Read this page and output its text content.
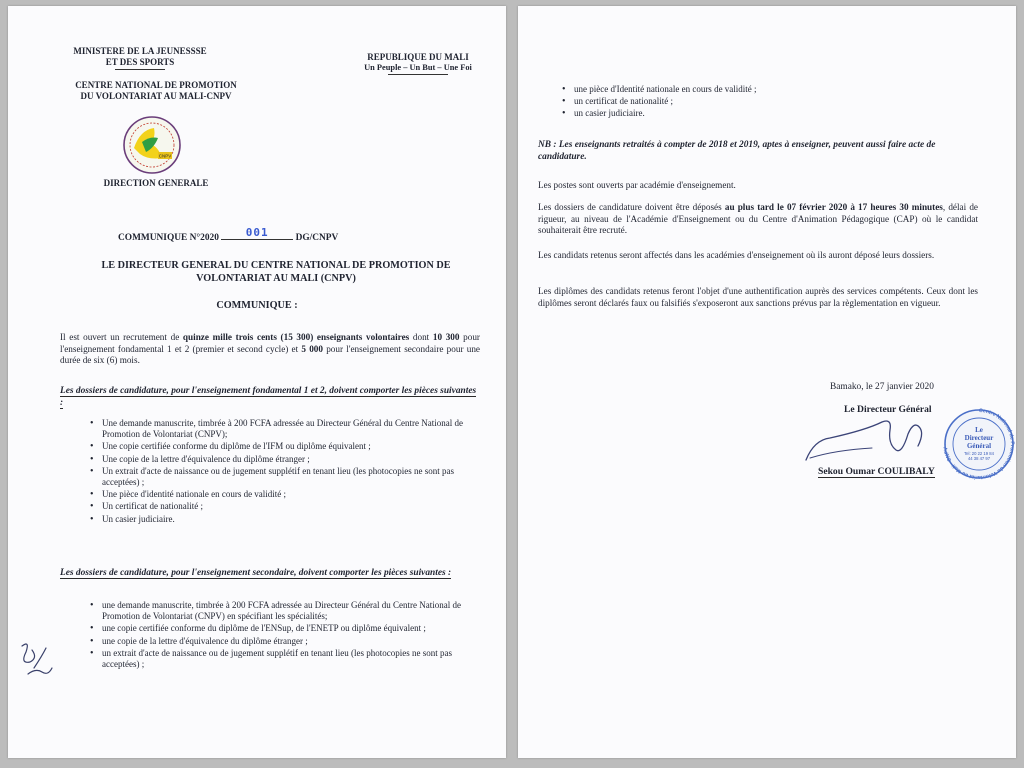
MINISTERE DE LA JEUNESSSE
ET DES SPORTS	REPUBLIQUE DU MALI
Un Peuple – Un But – Une Foi
CENTRE NATIONAL DE PROMOTION
DU VOLONTARIAT AU MALI-CNPV
CNPV
DIRECTION GENERALE
COMMUNIQUE N°2020 001	DG/CNPV
LE DIRECTEUR GENERAL DU CENTRE NATIONAL DE PROMOTION DE VOLONTARIAT AU MALI (CNPV)
COMMUNIQUE :
Il est ouvert un recrutement de quinze mille trois cents (15 300) enseignants volontaires dont 10 300 pour l'enseignement fondamental 1 et 2 (premier et second cycle) et 5 000 pour l'enseignement secondaire pour une durée de six (6) mois.
Les dossiers de candidature, pour l'enseignement fondamental 1 et 2, doivent comporter les pièces suivantes :
• Une demande manuscrite, timbrée à 200 FCFA adressée au Directeur Général du Centre National de Promotion de Volontariat (CNPV);
• Une copie certifiée conforme du diplôme de l'IFM ou diplôme équivalent ;
• Une copie de la lettre d'équivalence du diplôme étranger ;
• Un extrait d'acte de naissance ou de jugement supplétif en tenant lieu (les photocopies ne sont pas acceptées) ;
• Une pièce d'identité nationale en cours de validité ;
• Un certificat de nationalité ;
• Un casier judiciaire.
Les dossiers de candidature, pour l'enseignement secondaire, doivent comporter les pièces suivantes :
• une demande manuscrite, timbrée à 200 FCFA adressée au Directeur Général du Centre National de Promotion de Volontariat (CNPV) en spécifiant les spécialités;
• une copie certifiée conforme du diplôme de l'ENSup, de l'ENETP ou diplôme équivalent ;
• une copie de la lettre d'équivalence du diplôme étranger ;
• un extrait d'acte de naissance ou de jugement supplétif en tenant lieu (les photocopies ne sont pas acceptées) ;
• une pièce d'Identité nationale en cours de validité ;
• un certificat de nationalité ;
• un casier judiciaire.
NB : Les enseignants retraités à compter de 2018 et 2019, aptes à enseigner, peuvent aussi faire acte de candidature.
Les postes sont ouverts par académie d'enseignement.
Les dossiers de candidature doivent être déposés au plus tard le 07 février 2020 à 17 heures 30 minutes, délai de rigueur, au niveau de l'Académie d'Enseignement ou du Centre d'Animation Pédagogique (CAP) où le candidat souhaiterait être recruté.
Les candidats retenus seront affectés dans les académies d'enseignement où ils auront déposé leurs dossiers.
Les diplômes des candidats retenus feront l'objet d'une authentification auprès des services compétents. Ceux dont les diplômes seront déclarés faux ou falsifiés s'exposeront aux sanctions prévus par la règlementation en vigueur.
Bamako, le 27 janvier 2020
Le Directeur Général	Centre National de Promotion du Volontariat au Mali · CNPV ·
Le
Directeur
Général
Tel: 20 22 19 84
44 38 47 97
Sekou Oumar COULIBALY
